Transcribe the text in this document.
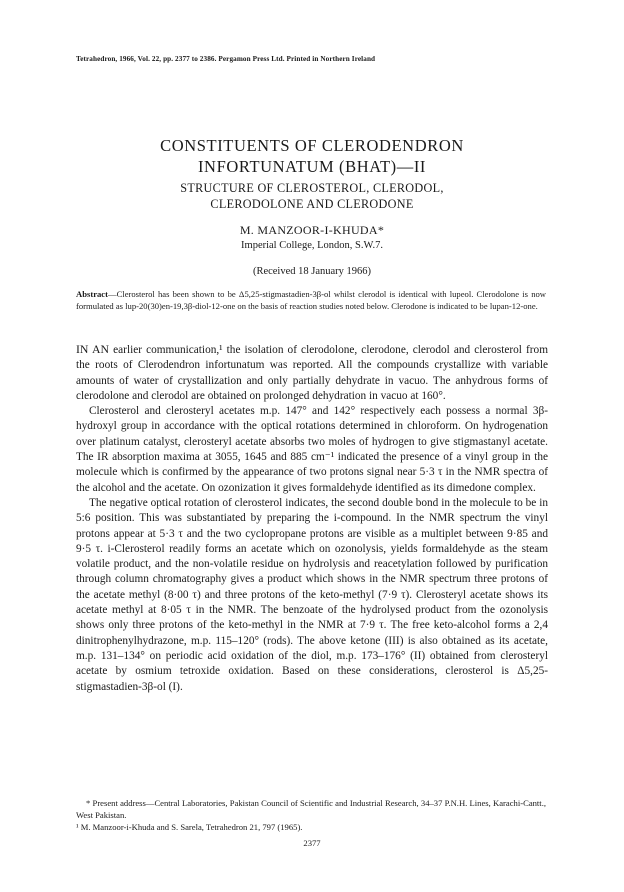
Tetrahedron, 1966, Vol. 22, pp. 2377 to 2386. Pergamon Press Ltd. Printed in Northern Ireland
CONSTITUENTS OF CLERODENDRON
INFORTUNATUM (BHAT)—II
STRUCTURE OF CLEROSTEROL, CLERODOL,
CLERODOLONE AND CLERODONE
M. MANZOOR-I-KHUDA*
Imperial College, London, S.W.7.
(Received 18 January 1966)

Abstract—Clerosterol has been shown to be Δ5,25-stigmastadien-3β-ol whilst clerodol is identical with lupeol. Clerodolone is now formulated as lup-20(30)en-19,3β-diol-12-one on the basis of reaction studies noted below. Clerodone is indicated to be lupan-12-one.

IN AN earlier communication,¹ the isolation of clerodolone, clerodone, clerodol and clerosterol from the roots of Clerodendron infortunatum was reported. All the compounds crystallize with variable amounts of water of crystallization and only partially dehydrate in vacuo. The anhydrous forms of clerodolone and clerodol are obtained on prolonged dehydration in vacuo at 160°.

Clerosterol and clerosteryl acetates m.p. 147° and 142° respectively each possess a normal 3β-hydroxyl group in accordance with the optical rotations determined in chloroform. On hydrogenation over platinum catalyst, clerosteryl acetate absorbs two moles of hydrogen to give stigmastanyl acetate. The IR absorption maxima at 3055, 1645 and 885 cm⁻¹ indicated the presence of a vinyl group in the molecule which is confirmed by the appearance of two protons signal near 5·3 τ in the NMR spectra of the alcohol and the acetate. On ozonization it gives formaldehyde identified as its dimedone complex.

The negative optical rotation of clerosterol indicates, the second double bond in the molecule to be in 5:6 position. This was substantiated by preparing the i-compound. In the NMR spectrum the vinyl protons appear at 5·3 τ and the two cyclopropane protons are visible as a multiplet between 9·85 and 9·5 τ. i-Clerosterol readily forms an acetate which on ozonolysis, yields formaldehyde as the steam volatile product, and the non-volatile residue on hydrolysis and reacetylation followed by purification through column chromatography gives a product which shows in the NMR spectrum three protons of the acetate methyl (8·00 τ) and three protons of the keto-methyl (7·9 τ). Clerosteryl acetate shows its acetate methyl at 8·05 τ in the NMR. The benzoate of the hydrolysed product from the ozonolysis shows only three protons of the keto-methyl in the NMR at 7·9 τ. The free keto-alcohol forms a 2,4 dinitrophenylhydrazone, m.p. 115–120° (rods). The above ketone (III) is also obtained as its acetate, m.p. 131–134° on periodic acid oxidation of the diol, m.p. 173–176° (II) obtained from clerosteryl acetate by osmium tetroxide oxidation. Based on these considerations, clerosterol is Δ5,25-stigmastadien-3β-ol (I).

* Present address—Central Laboratories, Pakistan Council of Scientific and Industrial Research, 34–37 P.N.H. Lines, Karachi-Cantt., West Pakistan.

¹ M. Manzoor-i-Khuda and S. Sarela, Tetrahedron 21, 797 (1965).

2377
